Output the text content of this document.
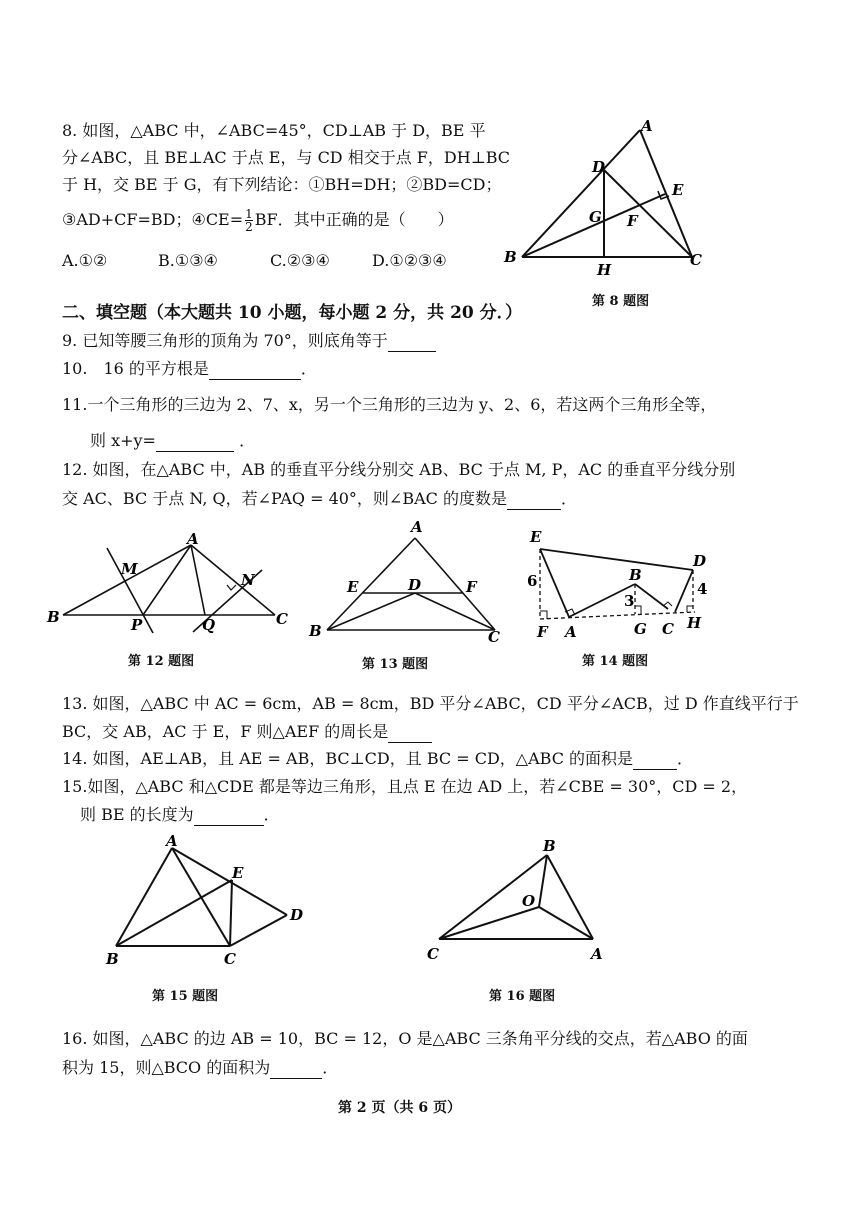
8. 如图，△ABC 中，∠ABC=45°，CD⊥AB 于 D，BE 平
分∠ABC，且 BE⊥AC 于点 E，与 CD 相交于点 F，DH⊥BC
于 H，交 BE 于 G，有下列结论：①BH=DH；②BD=CD；
③AD+CF=BD；④CE= $\frac{1}{2}$ BF．其中正确的是（　　）
A.①②	B.①③④	C.②③④	D.①②③④
A
B	C
D
E
F
G
H
第 8 题图
二、填空题（本大题共 10 小题，每小题 2 分，共 20 分．）
9. 已知等腰三角形的顶角为 70°，则底角等于
10.　16 的平方根是	．
11.一个三角形的三边为 2、7、x，另一个三角形的三边为 y、2、6，若这两个三角形全等，
则 x+y=	．
12. 如图，在△ABC 中，AB 的垂直平分线分别交 AB、BC 于点 M, P，AC 的垂直平分线分别
交 AC、BC 于点 N, Q，若∠PAQ = 40°，则∠BAC 的度数是	．
A
B	C
M
N
P	Q
第 12 题图
A
B	C
D
E	F
第 13 题图
E
D
B
F A	G C H
6
3
4
第 14 题图
13. 如图，△ABC 中 AC = 6cm，AB = 8cm，BD 平分∠ABC，CD 平分∠ACB，过 D 作直线平行于
BC，交 AB，AC 于 E，F 则△AEF 的周长是
14. 如图，AE⊥AB，且 AE = AB，BC⊥CD，且 BC = CD，△ABC 的面积是	．
15.如图，△ABC 和△CDE 都是等边三角形，且点 E 在边 AD 上，若∠CBE = 30°，CD = 2，
则 BE 的长度为	．
A
B	C
D
E
第 15 题图
B
C	A
O
第 16 题图
16. 如图，△ABC 的边 AB = 10，BC = 12，O 是△ABC 三条角平分线的交点，若△ABO 的面
积为 15，则△BCO 的面积为	．
第 2 页（共 6 页）
